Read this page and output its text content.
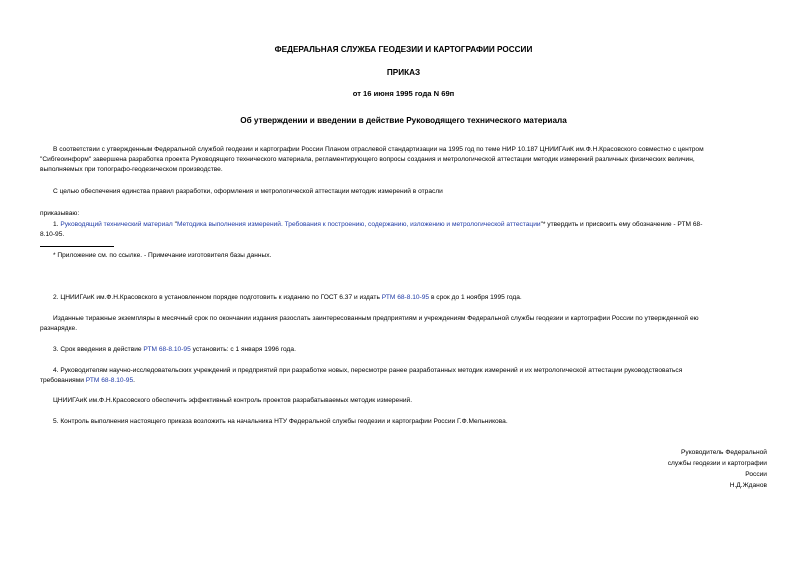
ФЕДЕРАЛЬНАЯ СЛУЖБА ГЕОДЕЗИИ И КАРТОГРАФИИ РОССИИ
ПРИКАЗ
от 16 июня 1995 года N 69п
Об утверждении и введении в действие Руководящего технического материала
В соответствии с утвержденным Федеральной службой геодезии и картографии России Планом отраслевой стандартизации на 1995 год по теме НИР 10.187 ЦНИИГАиК им.Ф.Н.Красовского совместно с центром
"Сибгеоинформ" завершена разработка проекта Руководящего технического материала, регламентирующего вопросы создания и метрологической аттестации методик измерений различных физических величин,
выполняемых при топографо-геодезическом производстве.
С целью обеспечения единства правил разработки, оформления и метрологической аттестации методик измерений в отрасли
приказываю:
1. Руководящий технический материал "Методика выполнения измерений. Требования к построению, содержанию, изложению и метрологической аттестации"* утвердить и присвоить ему обозначение - РТМ 68-
8.10-95.
* Приложение см. по ссылке. - Примечание изготовителя базы данных.
2. ЦНИИГАиК им.Ф.Н.Красовского в установленном порядке подготовить к изданию по ГОСТ 6.37 и издать РТМ 68-8.10-95 в срок до 1 ноября 1995 года.
Изданные тиражные экземпляры в месячный срок по окончании издания разослать заинтересованным предприятиям и учреждениям Федеральной службы геодезии и картографии России по утвержденной ею
разнарядке.
3. Срок введения в действие РТМ 68-8.10-95 установить: с 1 января 1996 года.
4. Руководителям научно-исследовательских учреждений и предприятий при разработке новых, пересмотре ранее разработанных методик измерений и их метрологической аттестации руководствоваться
требованиями РТМ 68-8.10-95.
ЦНИИГАиК им.Ф.Н.Красовского обеспечить эффективный контроль проектов разрабатываемых методик измерений.
5. Контроль выполнения настоящего приказа возложить на начальника НТУ Федеральной службы геодезии и картографии России Г.Ф.Мельникова.
Руководитель Федеральной
службы геодезии и картографии
России
Н.Д.Жданов
